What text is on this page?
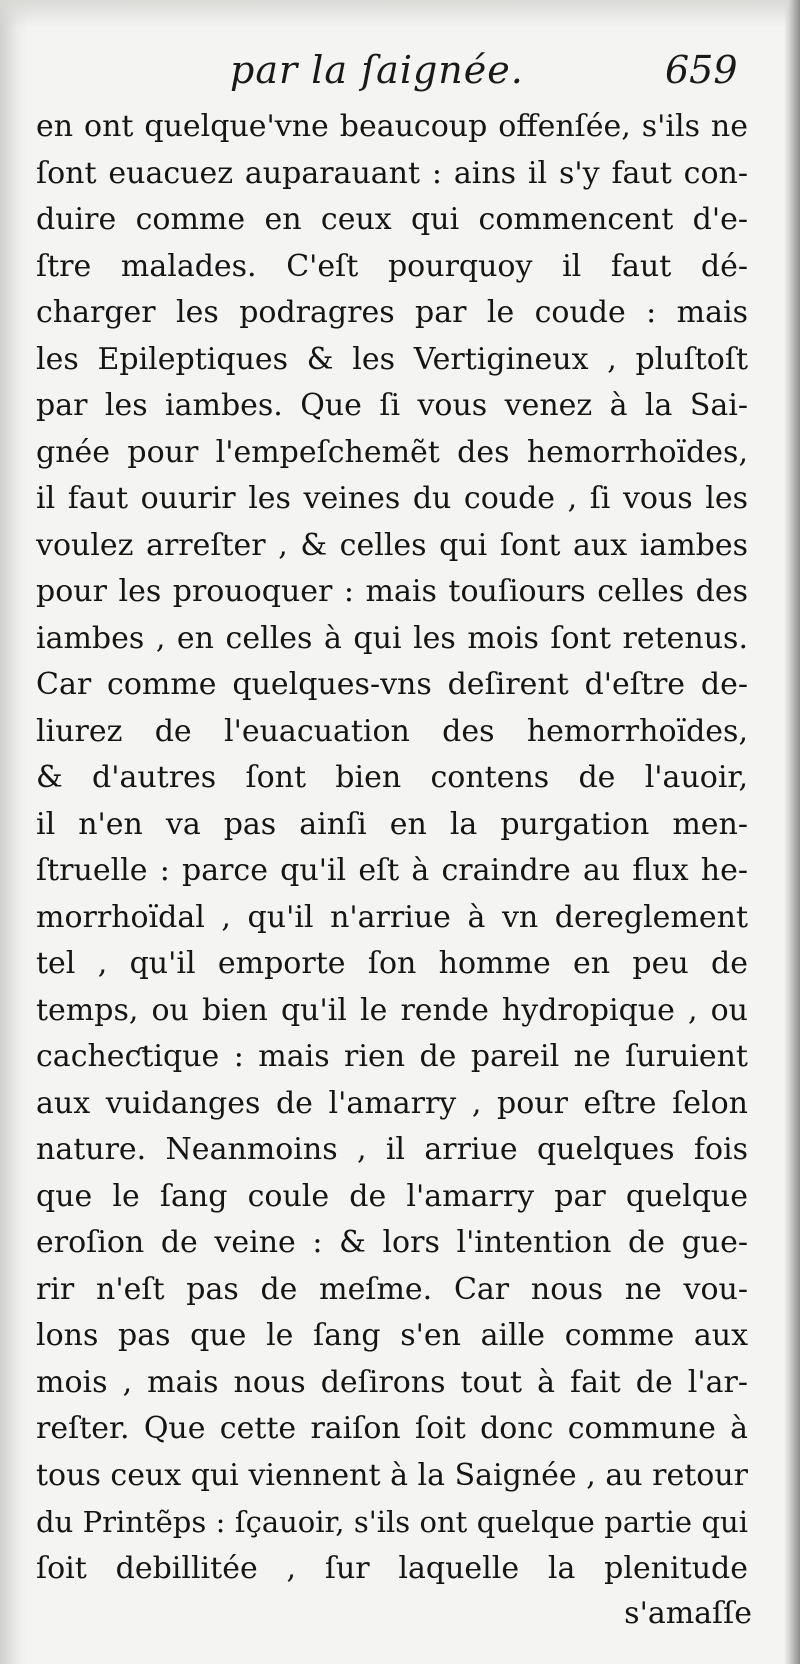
par la ſaignée.	659
en ont quelque'vne beaucoup offenſée, s'ils ne
ſont euacuez auparauant : ains il s'y faut con-
duire comme en ceux qui commencent d'e-
ſtre malades. C'eſt pourquoy il faut dé-
charger les podragres par le coude : mais
les Epileptiques & les Vertigineux , pluſtoſt
par les iambes. Que ſi vous venez à la Sai-
gnée pour l'empeſchemẽt des hemorrhoïdes,
il faut ouurir les veines du coude , ſi vous les
voulez arreſter , & celles qui ſont aux iambes
pour les prouoquer : mais touſiours celles des
iambes , en celles à qui les mois ſont retenus.
Car comme quelques-vns deſirent d'eſtre de-
liurez de l'euacuation des hemorrhoïdes,
& d'autres ſont bien contens de l'auoir,
il n'en va pas ainſi en la purgation men-
ſtruelle : parce qu'il eſt à craindre au flux he-
morrhoïdal , qu'il n'arriue à vn dereglement
tel , qu'il emporte ſon homme en peu de
temps, ou bien qu'il le rende hydropique , ou
cacheƈtique : mais rien de pareil ne ſuruient
aux vuidanges de l'amarry , pour eſtre ſelon
nature. Neanmoins , il arriue quelques fois
que le ſang coule de l'amarry par quelque
eroſion de veine : & lors l'intention de gue-
rir n'eſt pas de meſme. Car nous ne vou-
lons pas que le ſang s'en aille comme aux
mois , mais nous deſirons tout à fait de l'ar-
reſter. Que cette raiſon ſoit donc commune à
tous ceux qui viennent à la Saignée , au retour
du Printẽps : ſçauoir, s'ils ont quelque partie qui
ſoit debillitée , ſur laquelle la plenitude
s'amaſſe
